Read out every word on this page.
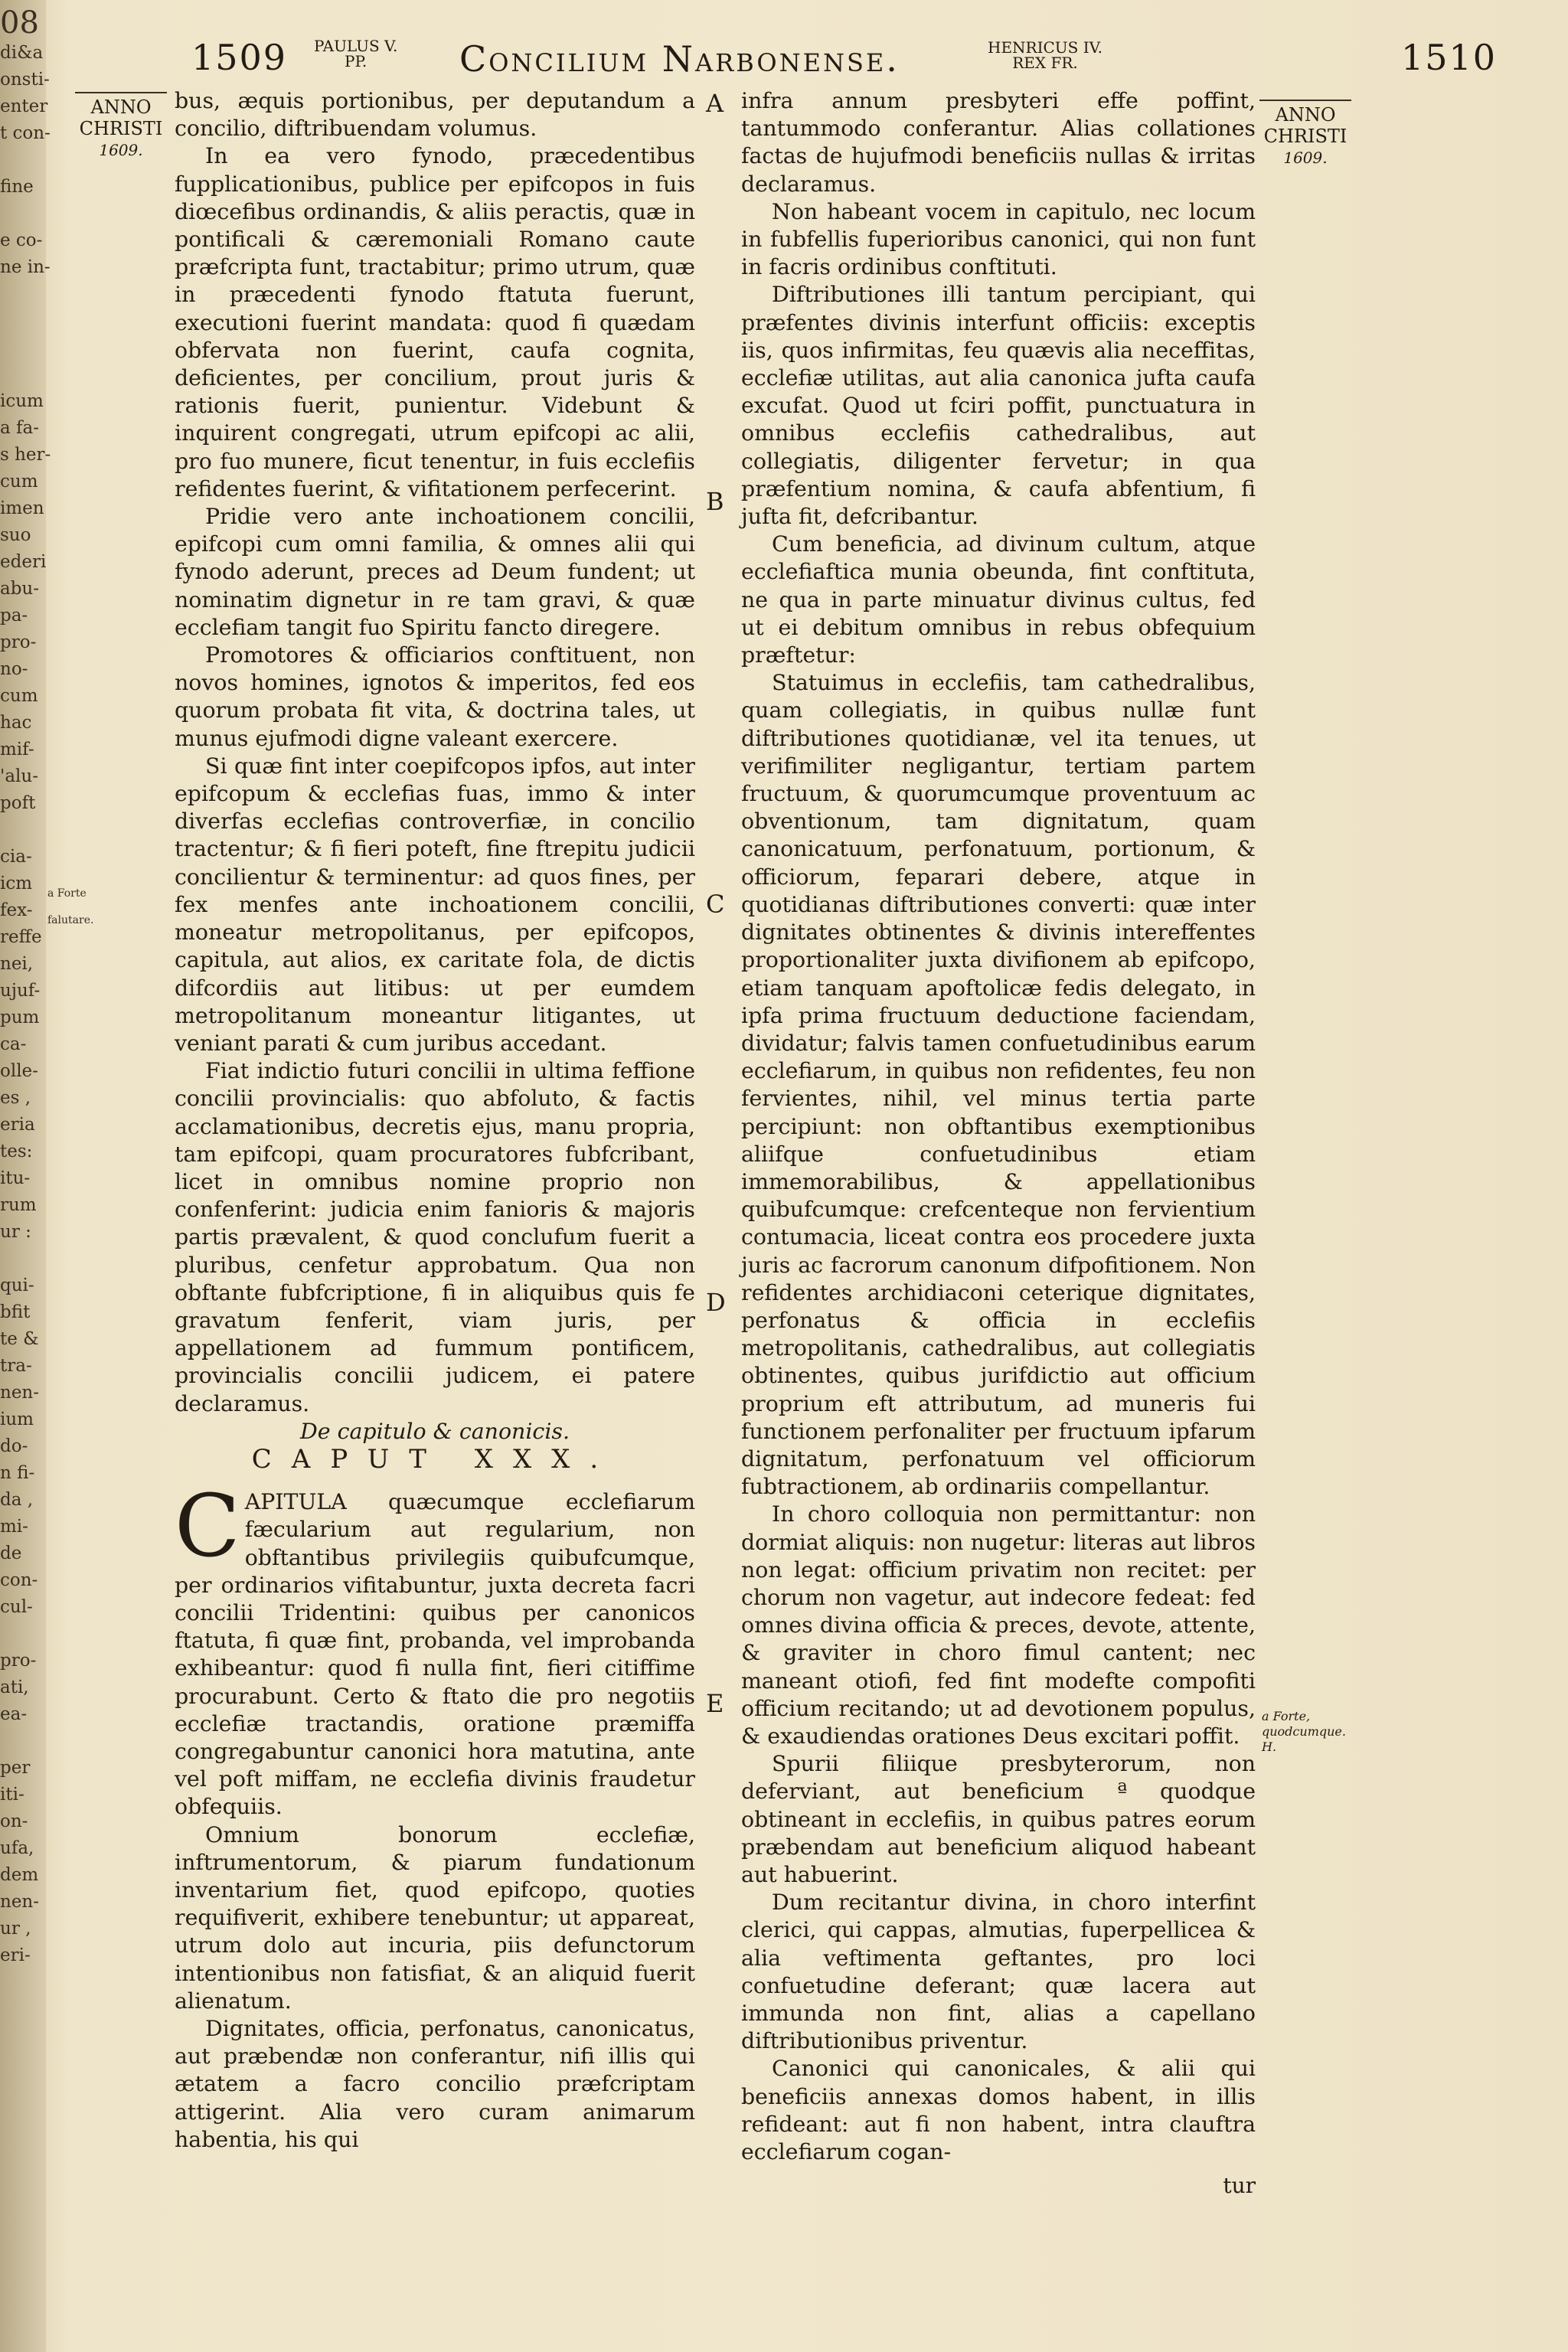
08
di&a
onsti-
enter
t con-

fine

e co-
ne in-

icum
a fa-
s her-
cum
imen
suo
ederi
abu-
pa-
pro-
no-
cum
hac
mif-
'alu-
poft

cia-
icm
fex-
reffe
nei,
ujuf-
pum
ca-
olle-
es ,
eria
tes:
itu-
rum
ur :

qui-
bfit
te &
tra-
nen-
ium
do-
n fi-
da ,
mi-
de
con-
cul-

pro-
ati,
ea-

per
iti-
on-
ufa,
dem
nen-
ur ,
eri-
a Forte falutare.
1509 PAULUS V.
PP.	Concilium Narbonense.	HENRICUS IV.
REX FR.	1510
ANNO CHRISTI
1609.
ANNO CHRISTI
1609.

bus, æquis portionibus, per deputandum a concilio, diftribuendam volumus.

In ea vero fynodo, præcedentibus fupplicationibus, publice per epifcopos in fuis diœcefibus ordinandis, & aliis peractis, quæ in pontificali & cæremoniali Romano caute præfcripta funt, tractabitur; primo utrum, quæ in præcedenti fynodo ftatuta fuerunt, executioni fuerint mandata: quod fi quædam obfervata non fuerint, caufa cognita, deficientes, per concilium, prout juris & rationis fuerit, punientur. Videbunt & inquirent congregati, utrum epifcopi ac alii, pro fuo munere, ficut tenentur, in fuis ecclefiis refidentes fuerint, & vifitationem perfecerint.

Pridie vero ante inchoationem concilii, epifcopi cum omni familia, & omnes alii qui fynodo aderunt, preces ad Deum fundent; ut nominatim dignetur in re tam gravi, & quæ ecclefiam tangit fuo Spiritu fancto diregere.

Promotores & officiarios conftituent, non novos homines, ignotos & imperitos, fed eos quorum probata fit vita, & doctrina tales, ut munus ejufmodi digne valeant exercere.

Si quæ fint inter coepifcopos ipfos, aut inter epifcopum & ecclefias fuas, immo & inter diverfas ecclefias controverfiæ, in concilio tractentur; & fi fieri poteft, fine ftrepitu judicii concilientur & terminentur: ad quos fines, per fex menfes ante inchoationem concilii, moneatur metropolitanus, per epifcopos, capitula, aut alios, ex caritate fola, de dictis difcordiis aut litibus: ut per eumdem metropolitanum moneantur litigantes, ut veniant parati & cum juribus accedant.

Fiat indictio futuri concilii in ultima feffione concilii provincialis: quo abfoluto, & factis acclamationibus, decretis ejus, manu propria, tam epifcopi, quam procuratores fubfcribant, licet in omnibus nomine proprio non confenferint: judicia enim fanioris & majoris partis prævalent, & quod conclufum fuerit a pluribus, cenfetur approbatum. Qua non obftante fubfcriptione, fi in aliquibus quis fe gravatum fenferit, viam juris, per appellationem ad fummum pontificem, provincialis concilii judicem, ei patere declaramus.

De capitulo & canonicis.

CAPUT XXX.

CAPITULA quæcumque ecclefiarum fæcularium aut regularium, non obftantibus privilegiis quibufcumque, per ordinarios vifitabuntur, juxta decreta facri concilii Tridentini: quibus per canonicos ftatuta, fi quæ fint, probanda, vel improbanda exhibeantur: quod fi nulla fint, fieri citiffime procurabunt. Certo & ftato die pro negotiis ecclefiæ tractandis, oratione præmiffa congregabuntur canonici hora matutina, ante vel poft miffam, ne ecclefia divinis fraudetur obfequiis.

Omnium bonorum ecclefiæ, inftrumentorum, & piarum fundationum inventarium fiet, quod epifcopo, quoties requifiverit, exhibere tenebuntur; ut appareat, utrum dolo aut incuria, piis defunctorum intentionibus non fatisfiat, & an aliquid fuerit alienatum.

Dignitates, officia, perfonatus, canonicatus, aut præbendæ non conferantur, nifi illis qui ætatem a facro concilio præfcriptam attigerint. Alia vero curam animarum habentia, his qui

A
B
C
D
E

infra annum presbyteri effe poffint, tantummodo conferantur. Alias collationes factas de hujufmodi beneficiis nullas & irritas declaramus.

Non habeant vocem in capitulo, nec locum in fubfellis fuperioribus canonici, qui non funt in facris ordinibus conftituti.

Diftributiones illi tantum percipiant, qui præfentes divinis interfunt officiis: exceptis iis, quos infirmitas, feu quævis alia neceffitas, ecclefiæ utilitas, aut alia canonica jufta caufa excufat. Quod ut fciri poffit, punctuatura in omnibus ecclefiis cathedralibus, aut collegiatis, diligenter fervetur; in qua præfentium nomina, & caufa abfentium, fi jufta fit, defcribantur.

Cum beneficia, ad divinum cultum, atque ecclefiaftica munia obeunda, fint conftituta, ne qua in parte minuatur divinus cultus, fed ut ei debitum omnibus in rebus obfequium præftetur:

Statuimus in ecclefiis, tam cathedralibus, quam collegiatis, in quibus nullæ funt diftributiones quotidianæ, vel ita tenues, ut verifimiliter negligantur, tertiam partem fructuum, & quorumcumque proventuum ac obventionum, tam dignitatum, quam canonicatuum, perfonatuum, portionum, & officiorum, feparari debere, atque in quotidianas diftributiones converti: quæ inter dignitates obtinentes & divinis intereffentes proportionaliter juxta divifionem ab epifcopo, etiam tanquam apoftolicæ fedis delegato, in ipfa prima fructuum deductione faciendam, dividatur; falvis tamen confuetudinibus earum ecclefiarum, in quibus non refidentes, feu non fervientes, nihil, vel minus tertia parte percipiunt: non obftantibus exemptionibus aliifque confuetudinibus etiam immemorabilibus, & appellationibus quibufcumque: crefcenteque non fervientium contumacia, liceat contra eos procedere juxta juris ac facrorum canonum difpofitionem. Non refidentes archidiaconi ceterique dignitates, perfonatus & officia in ecclefiis metropolitanis, cathedralibus, aut collegiatis obtinentes, quibus jurifdictio aut officium proprium eft attributum, ad muneris fui functionem perfonaliter per fructuum ipfarum dignitatum, perfonatuum vel officiorum fubtractionem, ab ordinariis compellantur.

In choro colloquia non permittantur: non dormiat aliquis: non nugetur: literas aut libros non legat: officium privatim non recitet: per chorum non vagetur, aut indecore fedeat: fed omnes divina officia & preces, devote, attente, & graviter in choro fimul cantent; nec maneant otiofi, fed fint modefte compofiti officium recitando; ut ad devotionem populus, & exaudiendas orationes Deus excitari poffit.

Spurii filiique presbyterorum, non deferviant, aut beneficium ª quodque obtineant in ecclefiis, in quibus patres eorum præbendam aut beneficium aliquod habeant aut habuerint.

Dum recitantur divina, in choro interfint clerici, qui cappas, almutias, fuperpellicea & alia veftimenta geftantes, pro loci confuetudine deferant; quæ lacera aut immunda non fint, alias a capellano diftributionibus priventur.

Canonici qui canonicales, & alii qui beneficiis annexas domos habent, in illis refideant: aut fi non habent, intra clauftra ecclefiarum cogan-

tur
a Forte, quodcumque. H.
